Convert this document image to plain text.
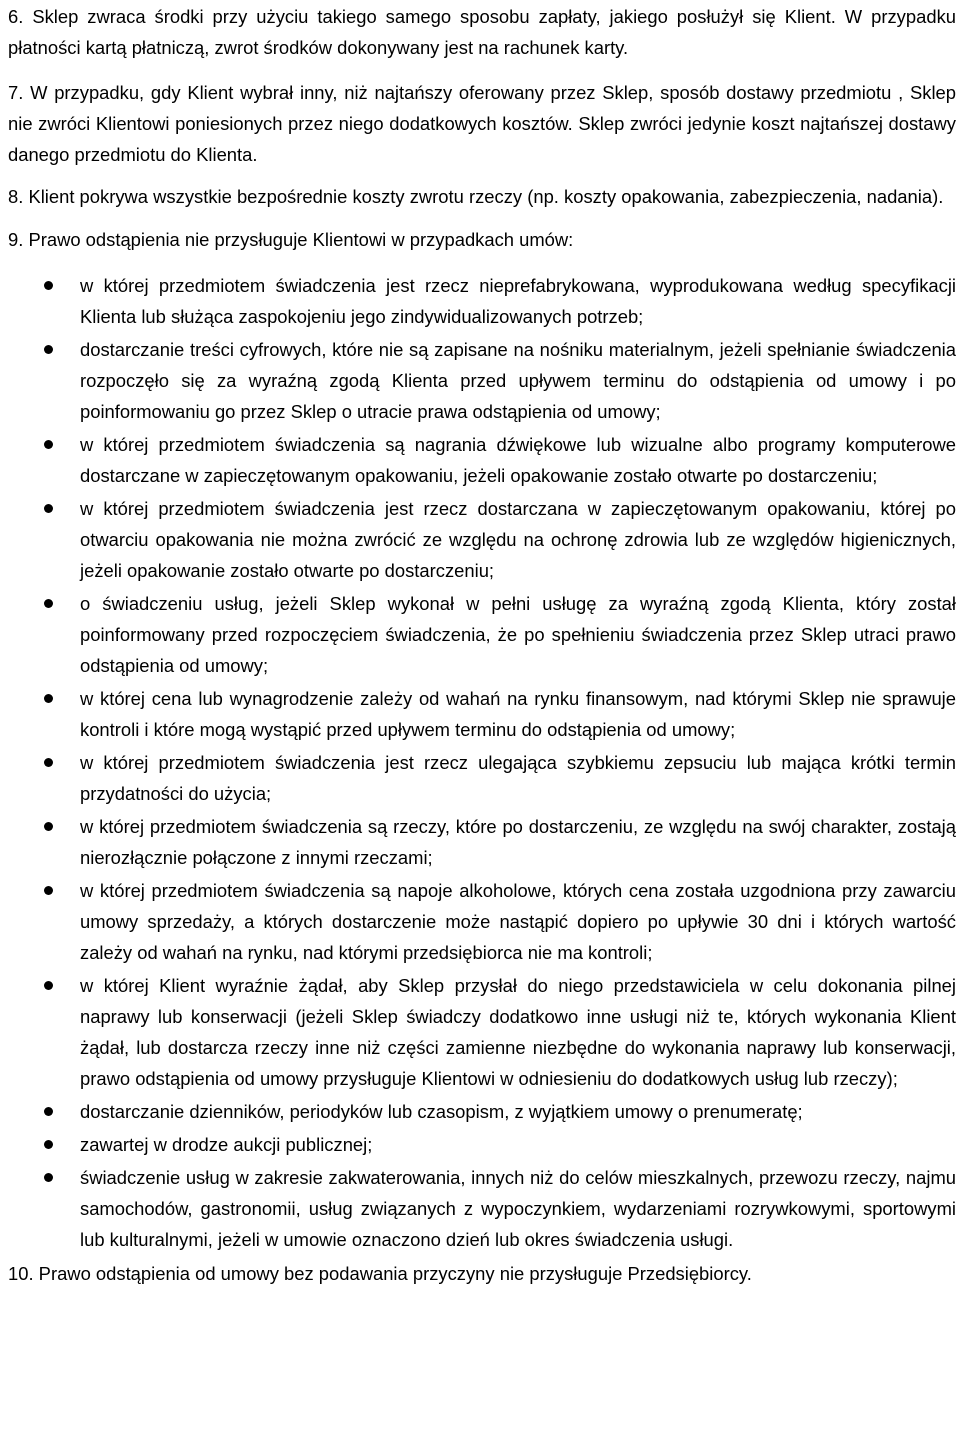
6. Sklep zwraca środki przy użyciu takiego samego sposobu zapłaty, jakiego posłużył się Klient. W przypadku płatności kartą płatniczą, zwrot środków dokonywany jest na rachunek karty.

7. W przypadku, gdy Klient wybrał inny, niż najtańszy oferowany przez Sklep, sposób dostawy przedmiotu , Sklep nie zwróci Klientowi poniesionych przez niego dodatkowych kosztów. Sklep zwróci jedynie koszt najtańszej dostawy danego przedmiotu do Klienta.

8. Klient pokrywa wszystkie bezpośrednie koszty zwrotu rzeczy (np. koszty opakowania, zabezpieczenia, nadania).

9. Prawo odstąpienia nie przysługuje Klientowi w przypadkach umów:

w której przedmiotem świadczenia jest rzecz nieprefabrykowana, wyprodukowana według specyfikacji Klienta lub służąca zaspokojeniu jego zindywidualizowanych potrzeb;
dostarczanie treści cyfrowych, które nie są zapisane na nośniku materialnym, jeżeli spełnianie świadczenia rozpoczęło się za wyraźną zgodą Klienta przed upływem terminu do odstąpienia od umowy i po poinformowaniu go przez Sklep o utracie prawa odstąpienia od umowy;
w której przedmiotem świadczenia są nagrania dźwiękowe lub wizualne albo programy komputerowe dostarczane w zapieczętowanym opakowaniu, jeżeli opakowanie zostało otwarte po dostarczeniu;
w której przedmiotem świadczenia jest rzecz dostarczana w zapieczętowanym opakowaniu, której po otwarciu opakowania nie można zwrócić ze względu na ochronę zdrowia lub ze względów higienicznych, jeżeli opakowanie zostało otwarte po dostarczeniu;
o świadczeniu usług, jeżeli Sklep wykonał w pełni usługę za wyraźną zgodą Klienta, który został poinformowany przed rozpoczęciem świadczenia, że po spełnieniu świadczenia przez Sklep utraci prawo odstąpienia od umowy;
w której cena lub wynagrodzenie zależy od wahań na rynku finansowym, nad którymi Sklep nie sprawuje kontroli i które mogą wystąpić przed upływem terminu do odstąpienia od umowy;
w której przedmiotem świadczenia jest rzecz ulegająca szybkiemu zepsuciu lub mająca krótki termin przydatności do użycia;
w której przedmiotem świadczenia są rzeczy, które po dostarczeniu, ze względu na swój charakter, zostają nierozłącznie połączone z innymi rzeczami;
w której przedmiotem świadczenia są napoje alkoholowe, których cena została uzgodniona przy zawarciu umowy sprzedaży, a których dostarczenie może nastąpić dopiero po upływie 30 dni i których wartość zależy od wahań na rynku, nad którymi przedsiębiorca nie ma kontroli;
w której Klient wyraźnie żądał, aby Sklep przysłał do niego przedstawiciela w celu dokonania pilnej naprawy lub konserwacji (jeżeli Sklep świadczy dodatkowo inne usługi niż te, których wykonania Klient żądał, lub dostarcza rzeczy inne niż części zamienne niezbędne do wykonania naprawy lub konserwacji, prawo odstąpienia od umowy przysługuje Klientowi w odniesieniu do dodatkowych usług lub rzeczy);
dostarczanie dzienników, periodyków lub czasopism, z wyjątkiem umowy o prenumeratę;
zawartej w drodze aukcji publicznej;
świadczenie usług w zakresie zakwaterowania, innych niż do celów mieszkalnych, przewozu rzeczy, najmu samochodów, gastronomii, usług związanych z wypoczynkiem, wydarzeniami rozrywkowymi, sportowymi lub kulturalnymi, jeżeli w umowie oznaczono dzień lub okres świadczenia usługi.

10. Prawo odstąpienia od umowy bez podawania przyczyny nie przysługuje Przedsiębiorcy.
